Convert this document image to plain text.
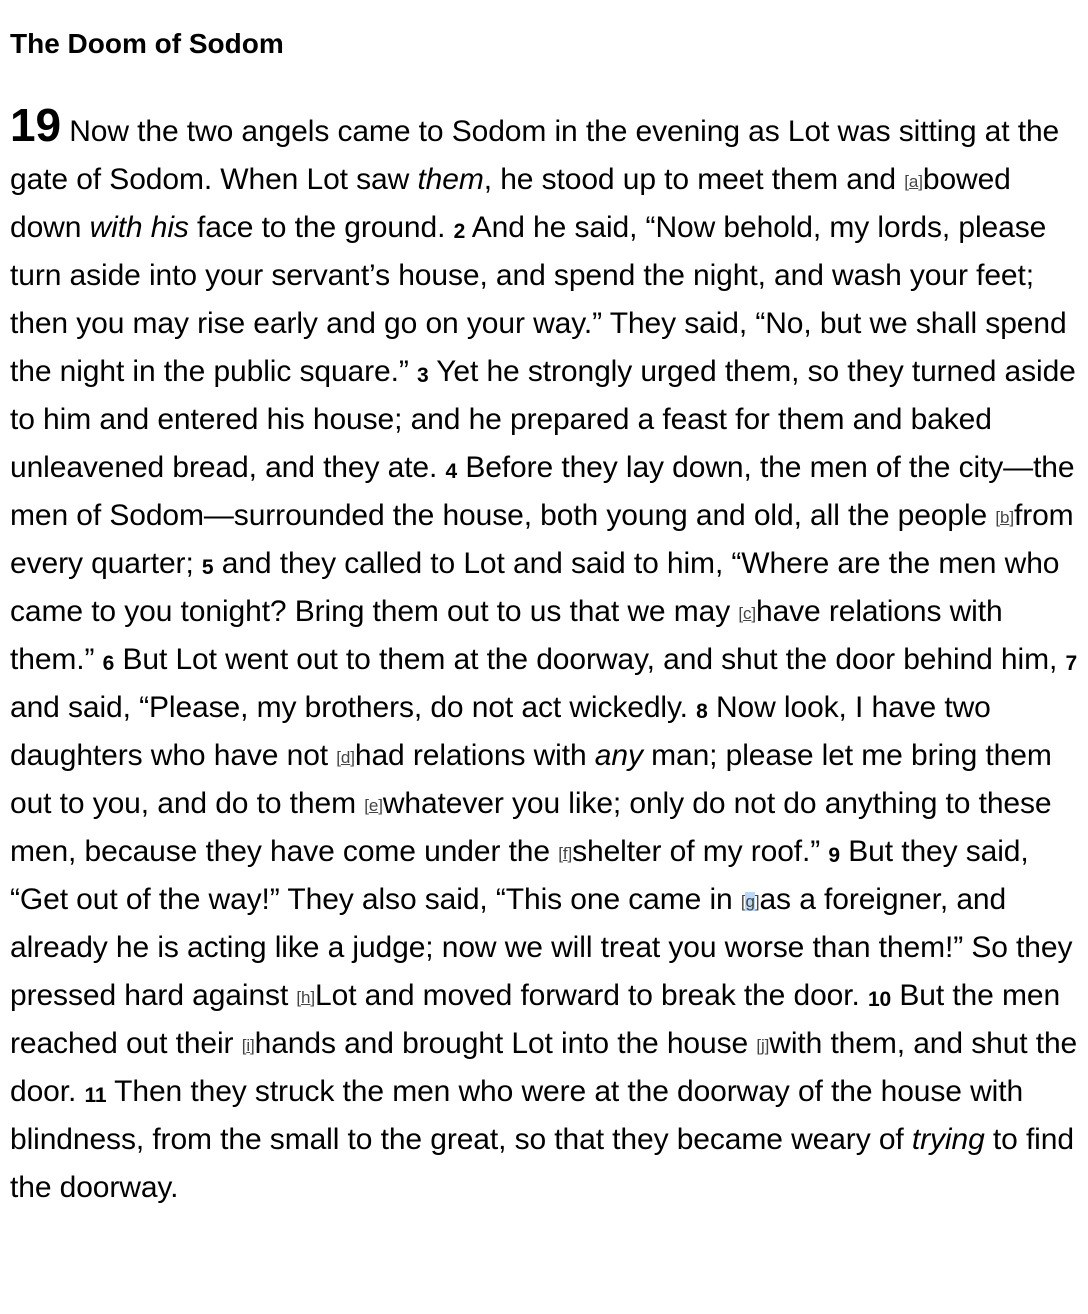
The Doom of Sodom

19 Now the two angels came to Sodom in the evening as Lot was sitting at the gate of Sodom. When Lot saw them, he stood up to meet them and [a]bowed down with his face to the ground. $^2$ And he said, “Now behold, my lords, please turn aside into your servant’s house, and spend the night, and wash your feet; then you may rise early and go on your way.” They said, “No, but we shall spend the night in the public square.” $^3$ Yet he strongly urged them, so they turned aside to him and entered his house; and he prepared a feast for them and baked unleavened bread, and they ate. $^4$ Before they lay down, the men of the city—the men of Sodom—surrounded the house, both young and old, all the people [b]from every quarter; $^5$ and they called to Lot and said to him, “Where are the men who came to you tonight? Bring them out to us that we may [c]have relations with them.” $^6$ But Lot went out to them at the doorway, and shut the door behind him, $^7$ and said, “Please, my brothers, do not act wickedly. $^8$ Now look, I have two daughters who have not [d]had relations with any man; please let me bring them out to you, and do to them [e]whatever you like; only do not do anything to these men, because they have come under the [f]shelter of my roof.” $^9$ But they said, “Get out of the way!” They also said, “This one came in [g]as a foreigner, and already he is acting like a judge; now we will treat you worse than them!” So they pressed hard against [h]Lot and moved forward to break the door. $^{10}$ But the men reached out their [i]hands and brought Lot into the house [j]with them, and shut the door. $^{11}$ Then they struck the men who were at the doorway of the house with blindness, from the small to the great, so that they became weary of trying to find the doorway.
